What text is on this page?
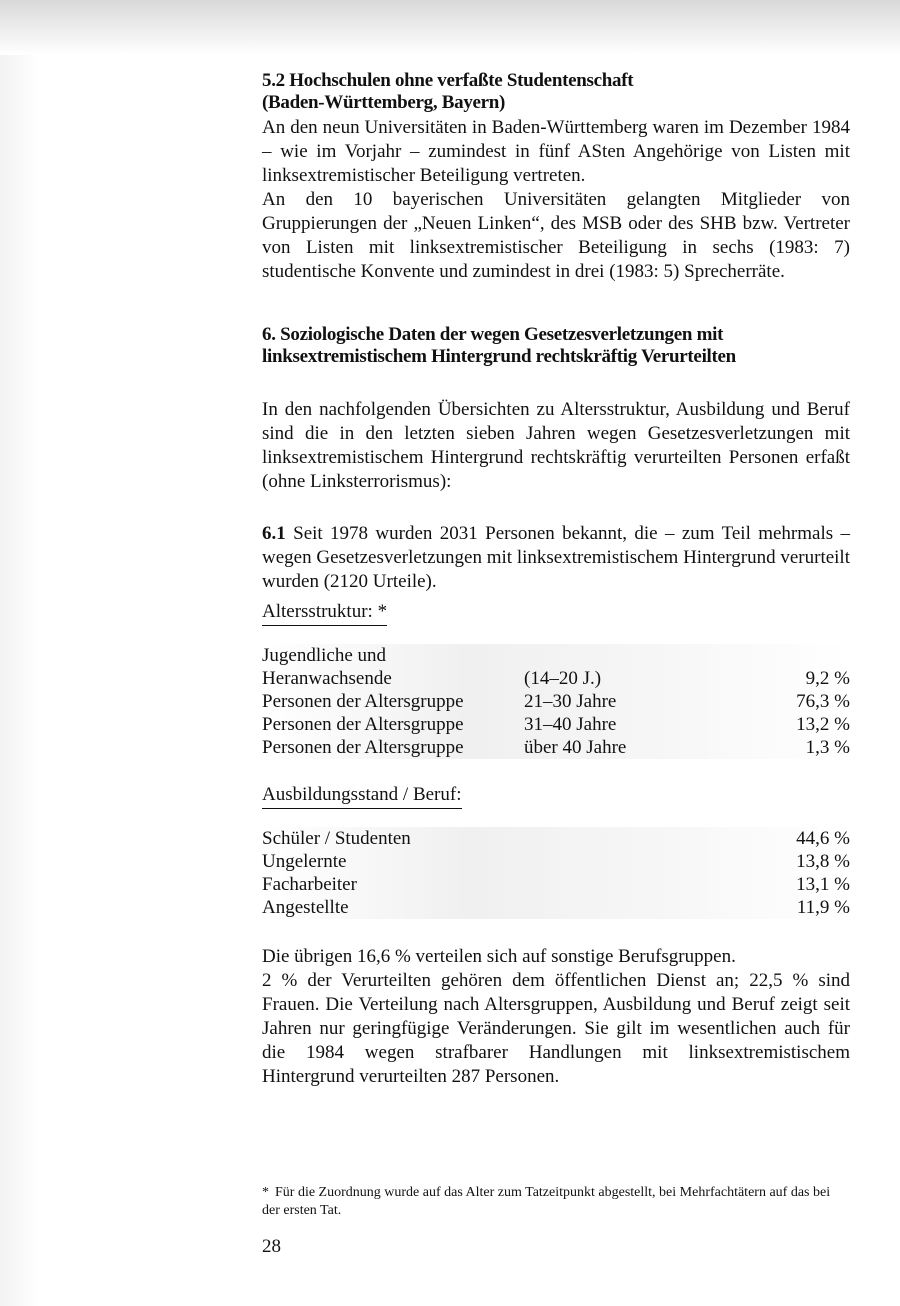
5.2 Hochschulen ohne verfaßte Studentenschaft
(Baden-Württemberg, Bayern)

An den neun Universitäten in Baden-Württemberg waren im Dezember 1984 – wie im Vorjahr – zumindest in fünf ASten Angehörige von Listen mit linksextremistischer Beteiligung vertreten.

An den 10 bayerischen Universitäten gelangten Mitglieder von Gruppierungen der „Neuen Linken“, des MSB oder des SHB bzw. Vertreter von Listen mit linksextremistischer Beteiligung in sechs (1983: 7) studentische Konvente und zumindest in drei (1983: 5) Sprecherräte.

6. Soziologische Daten der wegen Gesetzesverletzungen mit linksextremistischem Hintergrund rechtskräftig Verurteilten

In den nachfolgenden Übersichten zu Altersstruktur, Ausbildung und Beruf sind die in den letzten sieben Jahren wegen Gesetzesverletzungen mit linksextremistischem Hintergrund rechtskräftig verurteilten Personen erfaßt (ohne Linksterrorismus):

6.1 Seit 1978 wurden 2031 Personen bekannt, die – zum Teil mehrmals – wegen Gesetzesverletzungen mit linksextremistischem Hintergrund verurteilt wurden (2120 Urteile).

Altersstruktur: *
Jugendliche und
Heranwachsende	(14–20 J.)	9,2 %
Personen der Altersgruppe	21–30 Jahre	76,3 %
Personen der Altersgruppe	31–40 Jahre	13,2 %
Personen der Altersgruppe	über 40 Jahre	1,3 %
Ausbildungsstand / Beruf:
Schüler / Studenten	44,6 %
Ungelernte	13,8 %
Facharbeiter	13,1 %
Angestellte	11,9 %

Die übrigen 16,6 % verteilen sich auf sonstige Berufsgruppen.

2 % der Verurteilten gehören dem öffentlichen Dienst an; 22,5 % sind Frauen. Die Verteilung nach Altersgruppen, Ausbildung und Beruf zeigt seit Jahren nur geringfügige Veränderungen. Sie gilt im wesentlichen auch für die 1984 wegen strafbarer Handlungen mit linksextremistischem Hintergrund verurteilten 287 Personen.

* Für die Zuordnung wurde auf das Alter zum Tatzeitpunkt abgestellt, bei Mehrfachtätern auf das bei der ersten Tat.
28
